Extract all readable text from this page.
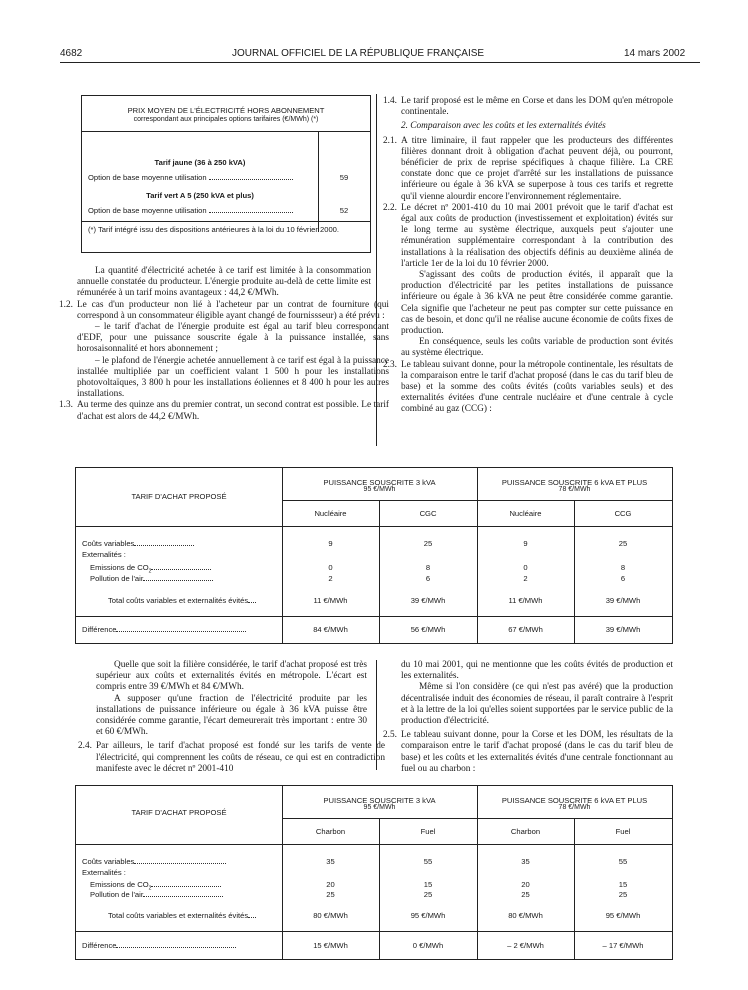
4682	JOURNAL OFFICIEL DE LA RÉPUBLIQUE FRANÇAISE	14 mars 2002
PRIX MOYEN DE L'ÉLECTRICITÉ HORS ABONNEMENT
correspondant aux principales options tarifaires (€/MWh) (*)
Tarif jaune (36 à 250 kVA)
Option de base moyenne utilisation	59
Tarif vert A 5 (250 kVA et plus)
Option de base moyenne utilisation	52
(*) Tarif intégré issu des dispositions antérieures à la loi du 10 février 2000.

La quantité d'électricité achetée à ce tarif est limitée à la consommation annuelle constatée du producteur. L'énergie produite au-delà de cette limite est rémunérée à un tarif moins avantageux : 44,2 €/MWh.

1.2. Le cas d'un producteur non lié à l'acheteur par un contrat de fourniture (qui correspond à un consommateur éligible ayant changé de fournissseur) a été prévu :

– le tarif d'achat de l'énergie produite est égal au tarif bleu correspondant d'EDF, pour une puissance souscrite égale à la puissance installée, sans horosaisonnalité et hors abonnement ;

– le plafond de l'énergie achetée annuellement à ce tarif est égal à la puissance installée multipliée par un coefficient valant 1 500 h pour les installations photovoltaïques, 3 800 h pour les installations éoliennes et 8 400 h pour les autres installations.

1.3. Au terme des quinze ans du premier contrat, un second contrat est possible. Le tarif d'achat est alors de 44,2 €/MWh.

1.4. Le tarif proposé est le même en Corse et dans les DOM qu'en métropole continentale.

2. Comparaison avec les coûts et les externalités évités

2.1. A titre liminaire, il faut rappeler que les producteurs des différentes filières donnant droit à obligation d'achat peuvent déjà, ou pourront, bénéficier de prix de reprise spécifiques à chaque filière. La CRE constate donc que ce projet d'arrêté sur les installations de puissance inférieure ou égale à 36 kVA se superpose à tous ces tarifs et regrette qu'il vienne alourdir encore l'environnement réglementaire.

2.2. Le décret nº 2001-410 du 10 mai 2001 prévoit que le tarif d'achat est égal aux coûts de production (investissement et exploitation) évités sur le long terme au système électrique, auxquels peut s'ajouter une rémunération supplémentaire correspondant à la contribution des installations à la réalisation des objectifs définis au deuxième alinéa de l'article 1er de la loi du 10 février 2000.

S'agissant des coûts de production évités, il apparaît que la production d'électricité par les petites installations de puissance inférieure ou égale à 36 kVA ne peut être considérée comme garantie. Cela signifie que l'acheteur ne peut pas compter sur cette puissance en cas de besoin, et donc qu'il ne réalise aucune économie de coûts fixes de production.

En conséquence, seuls les coûts variable de production sont évités au système électrique.

2.3. Le tableau suivant donne, pour la métropole continentale, les résultats de la comparaison entre le tarif d'achat proposé (dans le cas du tarif bleu de base) et la somme des coûts évités (coûts variables seuls) et des externalités évitées d'une centrale nucléaire et d'une centrale à cycle combiné au gaz (CCG) :

TARIF D'ACHAT PROPOSÉ
PUISSANCE SOUSCRITE 3 kVA
95 €/MWh
PUISSANCE SOUSCRITE 6 kVA ET PLUS
78 €/MWh
Nucléaire	CGC	Nucléaire	CCG
Coûts variables	9	25	9	25
Externalités :
Emissions de $CO_2$	0	8	0	8
Pollution de l'air	2	6	2	6
Total coûts variables et externalités évités	11 €/MWh	39 €/MWh	11 €/MWh	39 €/MWh
Différence	84 €/MWh	56 €/MWh	67 €/MWh	39 €/MWh

Quelle que soit la filière considérée, le tarif d'achat proposé est très supérieur aux coûts et externalités évités en métropole. L'écart est compris entre 39 €/MWh et 84 €/MWh.

A supposer qu'une fraction de l'électricité produite par les installations de puissance inférieure ou égale à 36 kVA puisse être considérée comme garantie, l'écart demeurerait très important : entre 30 et 60 €/MWh.

2.4. Par ailleurs, le tarif d'achat proposé est fondé sur les tarifs de vente de l'électricité, qui comprennent les coûts de réseau, ce qui est en contradiction manifeste avec le décret nº 2001-410

du 10 mai 2001, qui ne mentionne que les coûts évités de production et les externalités.

Même si l'on considère (ce qui n'est pas avéré) que la production décentralisée induit des économies de réseau, il paraît contraire à l'esprit et à la lettre de la loi qu'elles soient supportées par le service public de la production d'électricité.

2.5. Le tableau suivant donne, pour la Corse et les DOM, les résultats de la comparaison entre le tarif d'achat proposé (dans le cas du tarif bleu de base) et les coûts et les externalités évités d'une centrale fonctionnant au fuel ou au charbon :

TARIF D'ACHAT PROPOSÉ
PUISSANCE SOUSCRITE 3 kVA
95 €/MWh
PUISSANCE SOUSCRITE 6 kVA ET PLUS
78 €/MWh
Charbon	Fuel	Charbon	Fuel
Coûts variables	35	55	35	55
Externalités :
Emissions de $CO_2$	20	15	20	15
Pollution de l'air	25	25	25	25
Total coûts variables et externalités évités	80 €/MWh	95 €/MWh	80 €/MWh	95 €/MWh
Différence	15 €/MWh	0 €/MWh	– 2 €/MWh	– 17 €/MWh
